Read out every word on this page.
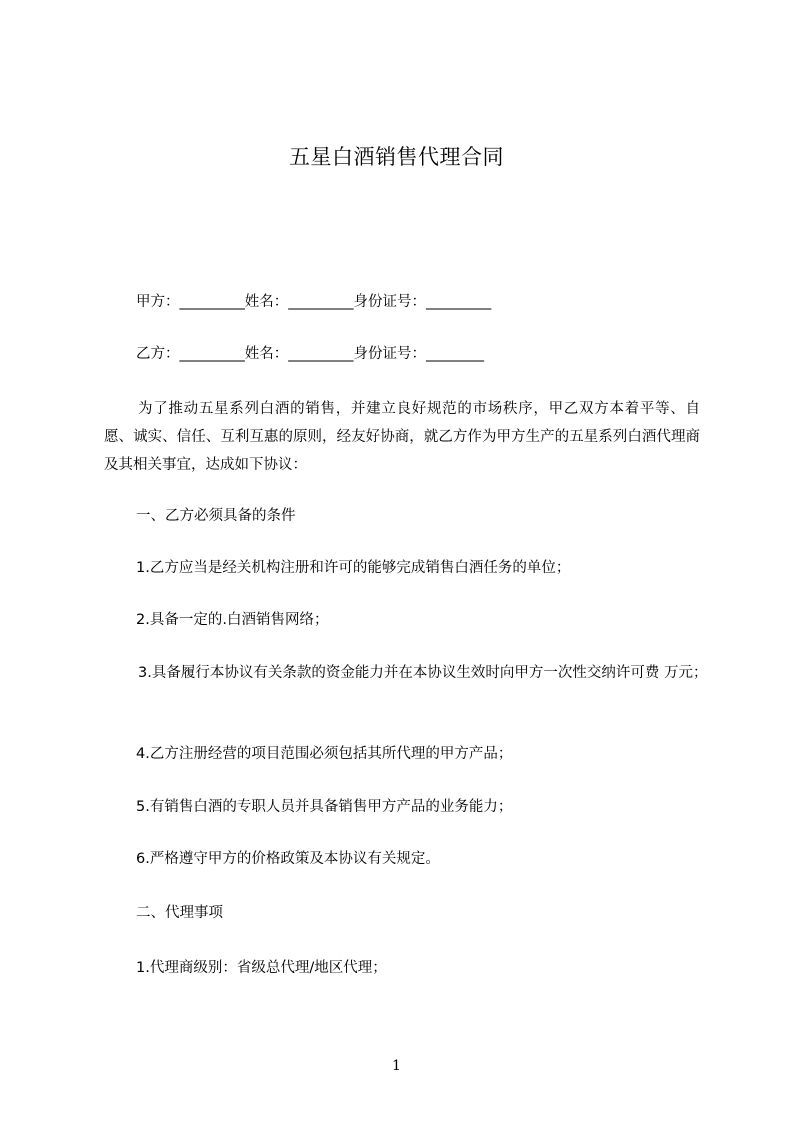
五星白酒销售代理合同
甲方：_________姓名：_________身份证号：_________
乙方：_________姓名：_________身份证号：________
为了推动五星系列白酒的销售，并建立良好规范的市场秩序，甲乙双方本着平等、自愿、诚实、信任、互利互惠的原则，经友好协商，就乙方作为甲方生产的五星系列白酒代理商及其相关事宜，达成如下协议：
一、乙方必须具备的条件
1.乙方应当是经关机构注册和许可的能够完成销售白酒任务的单位；
2.具备一定的.白酒销售网络；
3.具备履行本协议有关条款的资金能力并在本协议生效时向甲方一次性交纳许可费 万元；
4.乙方注册经营的项目范围必须包括其所代理的甲方产品；
5.有销售白酒的专职人员并具备销售甲方产品的业务能力；
6.严格遵守甲方的价格政策及本协议有关规定。
二、代理事项
1.代理商级别：省级总代理/地区代理；
1
